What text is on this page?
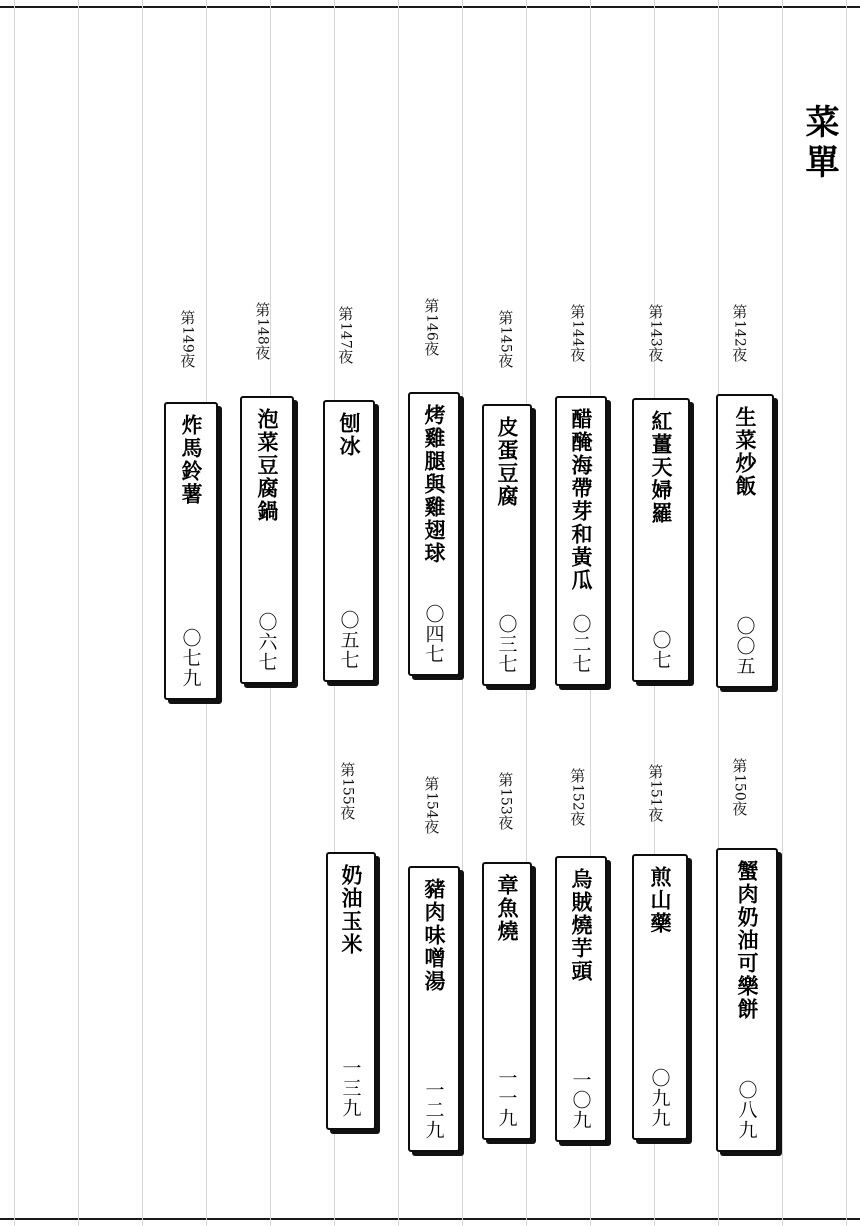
菜單
第142夜
生菜炒飯
〇〇五
第143夜
紅薑天婦羅
〇七
第144夜
醋醃海帶芽和黃瓜
〇二七
第145夜
皮蛋豆腐
〇三七
第146夜
烤雞腿與雞翅球
〇四七
第147夜
刨冰
〇五七
第148夜
泡菜豆腐鍋
〇六七
第149夜
炸馬鈴薯
〇七九
第150夜
蟹肉奶油可樂餅
〇八九
第151夜
煎山藥
〇九九
第152夜
烏賊燒芋頭
一〇九
第153夜
章魚燒
一一九
第154夜
豬肉味噌湯
一二九
第155夜
奶油玉米
一三九
